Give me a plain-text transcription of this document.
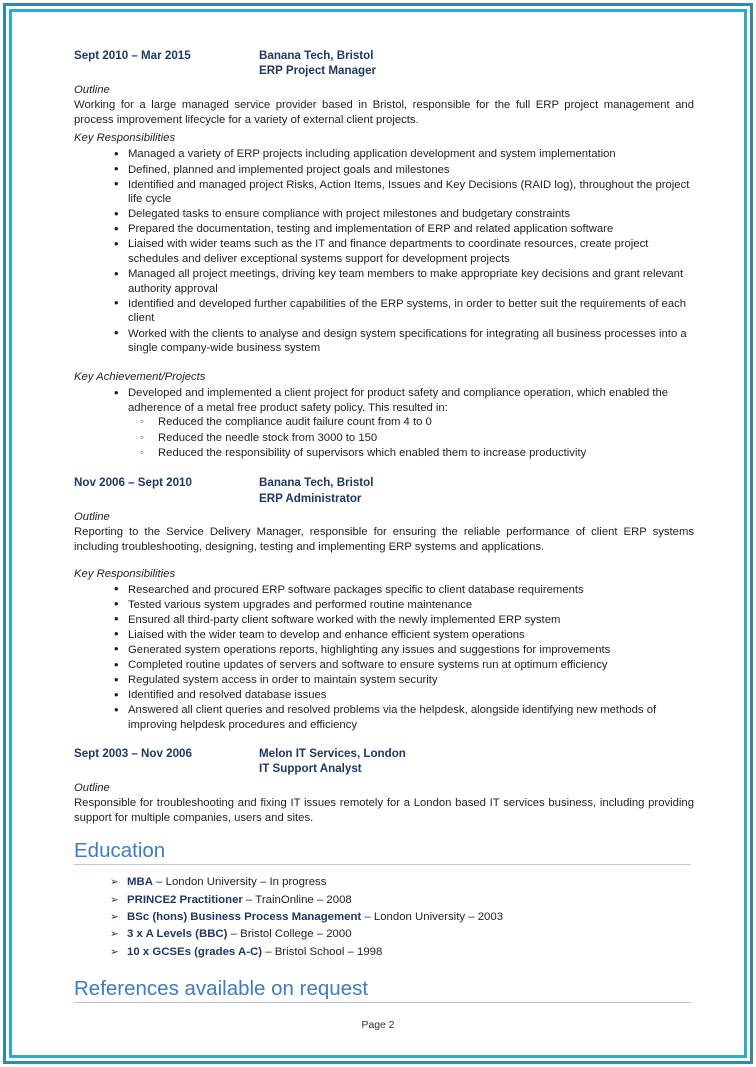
Sept 2010 – Mar 2015	Banana Tech, Bristol
ERP Project Manager
Outline

Working for a large managed service provider based in Bristol, responsible for the full ERP project management and process improvement lifecycle for a variety of external client projects.

Key Responsibilities
• Managed a variety of ERP projects including application development and system implementation
• Defined, planned and implemented project goals and milestones
• Identified and managed project Risks, Action Items, Issues and Key Decisions (RAID log), throughout the project life cycle
• Delegated tasks to ensure compliance with project milestones and budgetary constraints
• Prepared the documentation, testing and implementation of ERP and related application software
• Liaised with wider teams such as the IT and finance departments to coordinate resources, create project schedules and deliver exceptional systems support for development projects
• Managed all project meetings, driving key team members to make appropriate key decisions and grant relevant authority approval
• Identified and developed further capabilities of the ERP systems, in order to better suit the requirements of each client
• Worked with the clients to analyse and design system specifications for integrating all business processes into a single company-wide business system
Key Achievement/Projects
• Developed and implemented a client project for product safety and compliance operation, which enabled the adherence of a metal free product safety policy. This resulted in:
◦ Reduced the compliance audit failure count from 4 to 0
◦ Reduced the needle stock from 3000 to 150
◦ Reduced the responsibility of supervisors which enabled them to increase productivity
Nov 2006 – Sept 2010	Banana Tech, Bristol
ERP Administrator
Outline

Reporting to the Service Delivery Manager, responsible for ensuring the reliable performance of client ERP systems including troubleshooting, designing, testing and implementing ERP systems and applications.

Key Responsibilities
• Researched and procured ERP software packages specific to client database requirements
• Tested various system upgrades and performed routine maintenance
• Ensured all third-party client software worked with the newly implemented ERP system
• Liaised with the wider team to develop and enhance efficient system operations
• Generated system operations reports, highlighting any issues and suggestions for improvements
• Completed routine updates of servers and software to ensure systems run at optimum efficiency
• Regulated system access in order to maintain system security
• Identified and resolved database issues
• Answered all client queries and resolved problems via the helpdesk, alongside identifying new methods of improving helpdesk procedures and efficiency
Sept 2003 – Nov 2006	Melon IT Services, London
IT Support Analyst
Outline

Responsible for troubleshooting and fixing IT issues remotely for a London based IT services business, including providing support for multiple companies, users and sites.

Education
➢ MBA – London University – In progress
➢ PRINCE2 Practitioner – TrainOnline – 2008
➢ BSc (hons) Business Process Management – London University – 2003
➢ 3 x A Levels (BBC) – Bristol College – 2000
➢ 10 x GCSEs (grades A-C) – Bristol School – 1998
References available on request
Page 2
